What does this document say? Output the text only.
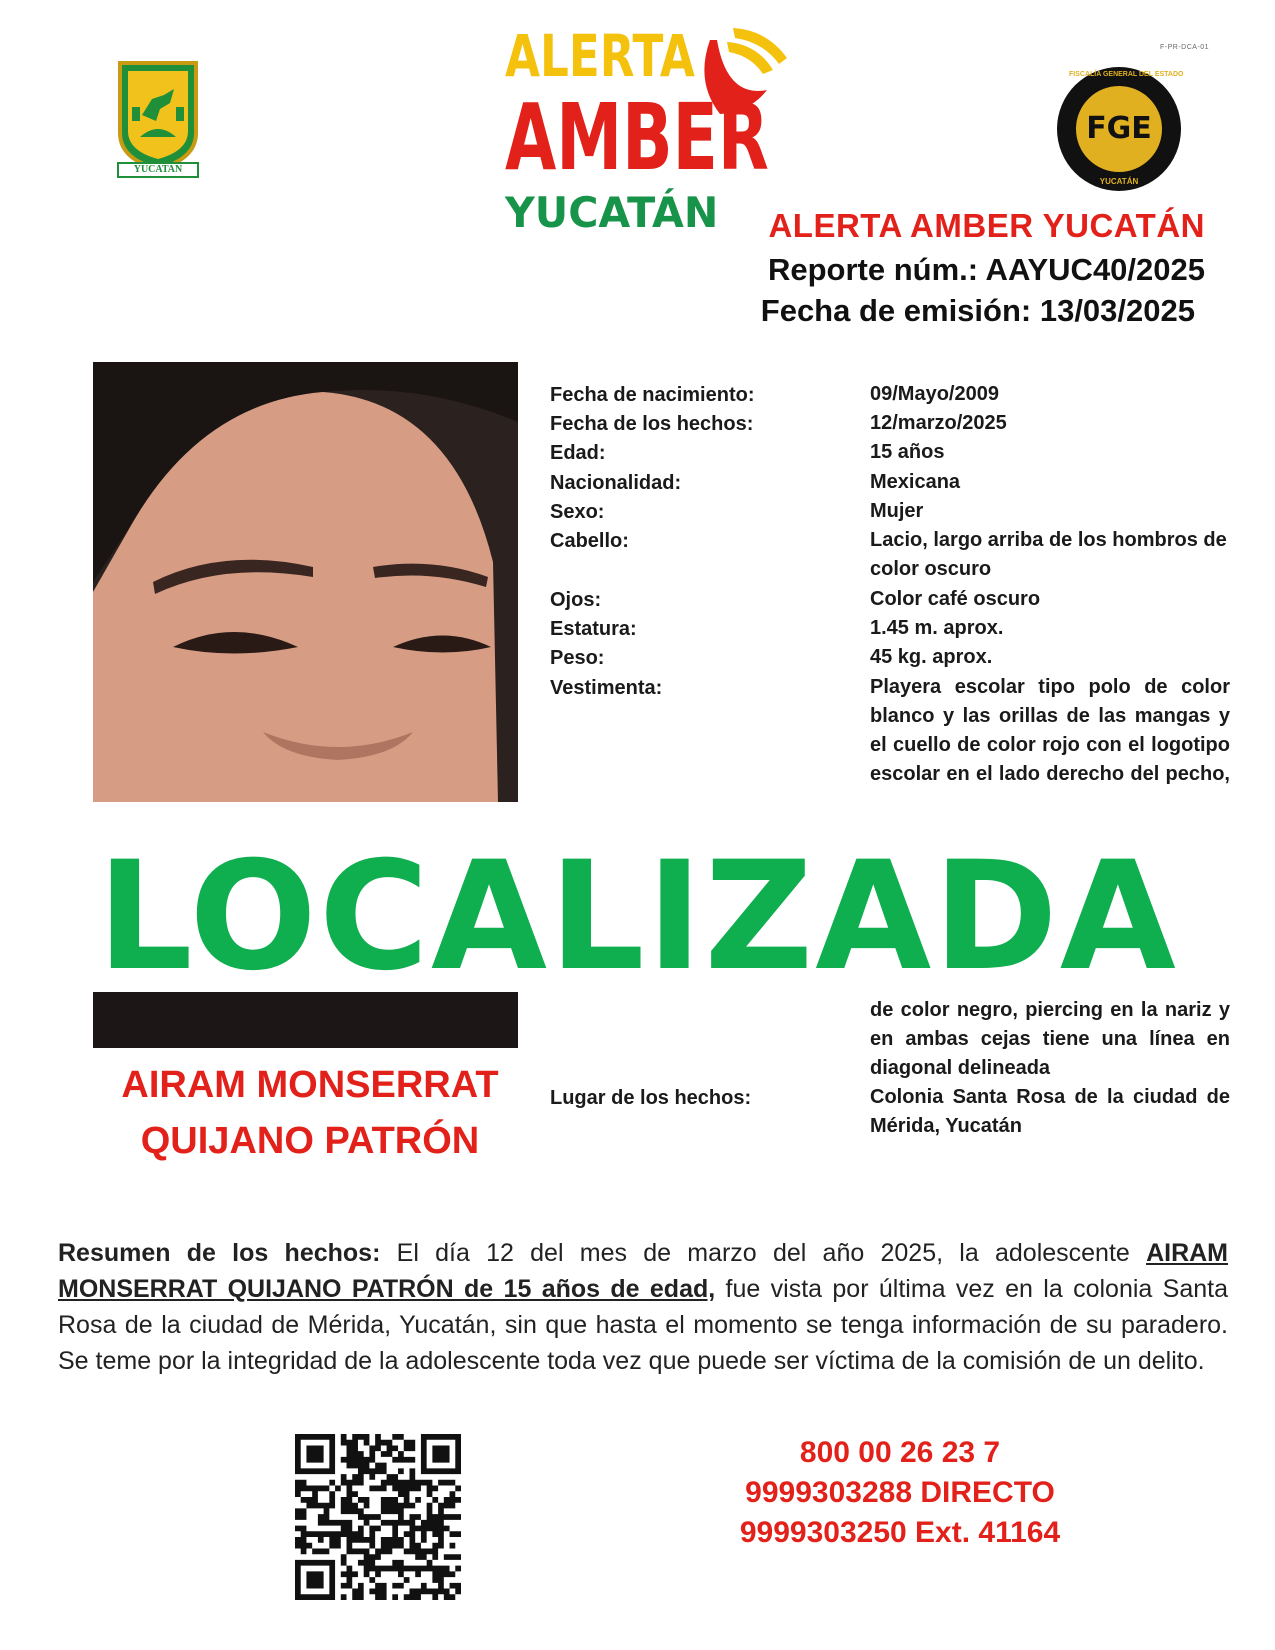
F-PR-DCA-01
YUCATAN
ALERTA
AMBER
YUCATÁN
FGE
FISCALÍA GENERAL DEL ESTADO
YUCATÁN
ALERTA AMBER YUCATÁN
Reporte núm.: AAYUC40/2025
Fecha de emisión: 13/03/2025
Fecha de nacimiento:	09/Mayo/2009
Fecha de los hechos:	12/marzo/2025
Edad:	15 años
Nacionalidad:	Mexicana
Sexo:	Mujer
Cabello:	Lacio, largo arriba de los hombros de
color oscuro
Ojos:	Color café oscuro
Estatura:	1.45 m. aprox.
Peso:	45 kg. aprox.
Vestimenta:	Playera escolar tipo polo de color
blanco y las orillas de las mangas y
el cuello de color rojo con el logotipo
escolar en el lado derecho del pecho,
LOCALIZADA
de color negro, piercing en la nariz y
en ambas cejas tiene una línea en
diagonal delineada
Lugar de los hechos:	Colonia Santa Rosa de la ciudad de
Mérida, Yucatán
AIRAM MONSERRAT
QUIJANO PATRÓN
Resumen de los hechos: El día 12 del mes de marzo del año 2025, la adolescente AIRAM MONSERRAT QUIJANO PATRÓN de 15 años de edad, fue vista por última vez en la colonia Santa Rosa de la ciudad de Mérida, Yucatán, sin que hasta el momento se tenga información de su paradero. Se teme por la integridad de la adolescente toda vez que puede ser víctima de la comisión de un delito.
800 00 26 23 7
9999303288 DIRECTO
9999303250 Ext. 41164
